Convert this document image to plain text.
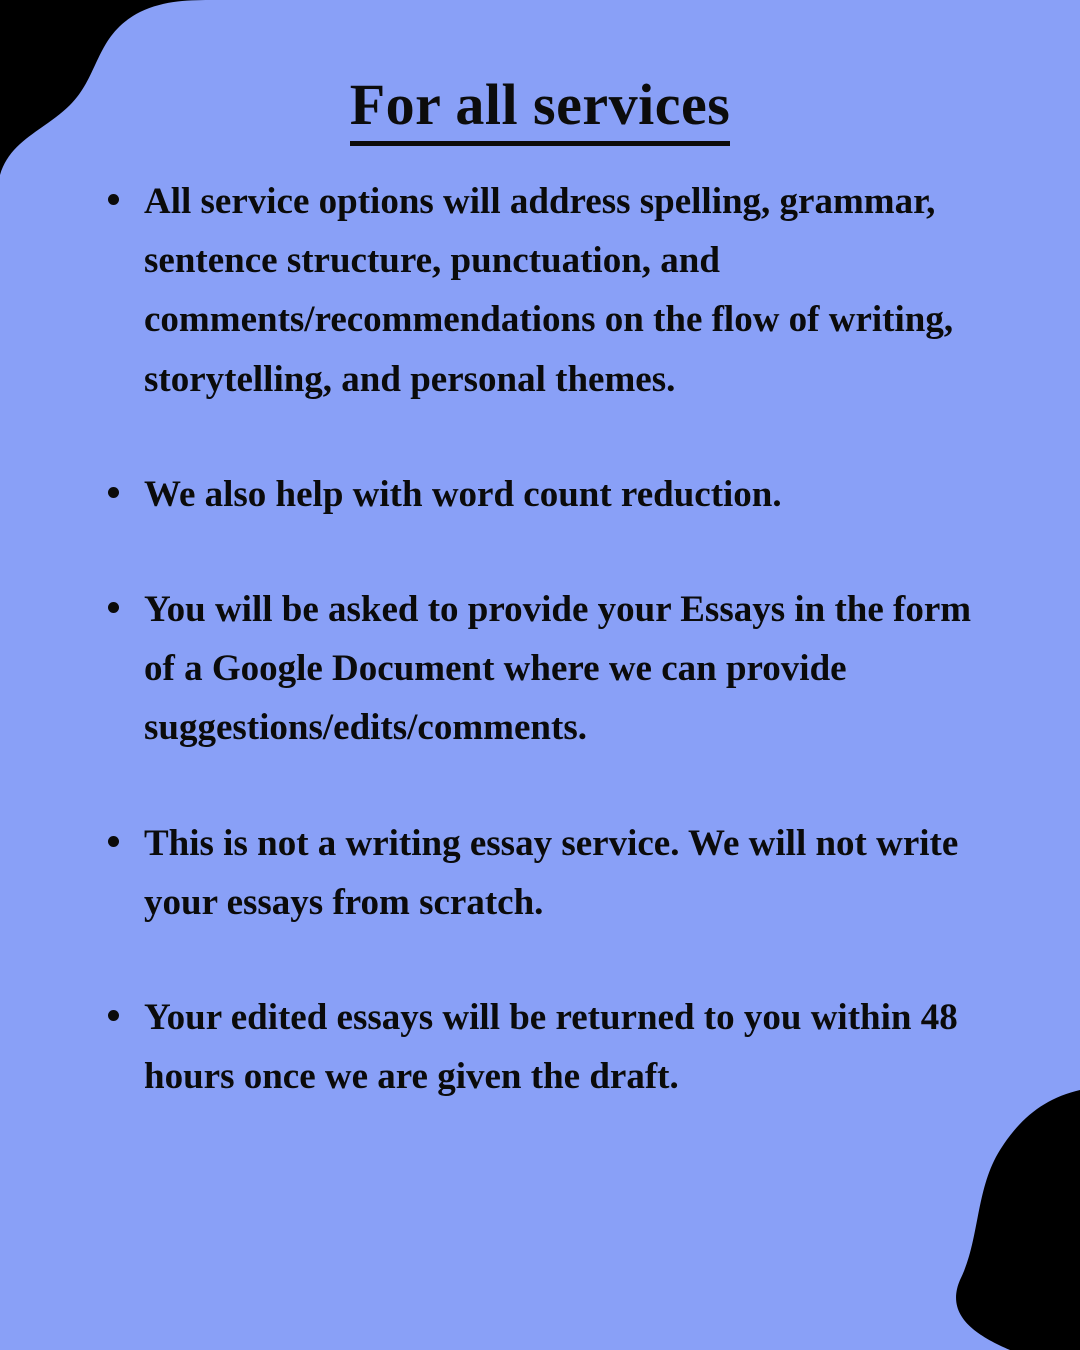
For all services
All service options will address spelling, grammar, sentence structure, punctuation, and comments/recommendations on the flow of writing, storytelling, and personal themes.
We also help with word count reduction.
You will be asked to provide your Essays in the form of a Google Document where we can provide suggestions/edits/comments.
This is not a writing essay service. We will not write your essays from scratch.
Your edited essays will be returned to you within 48 hours once we are given the draft.
